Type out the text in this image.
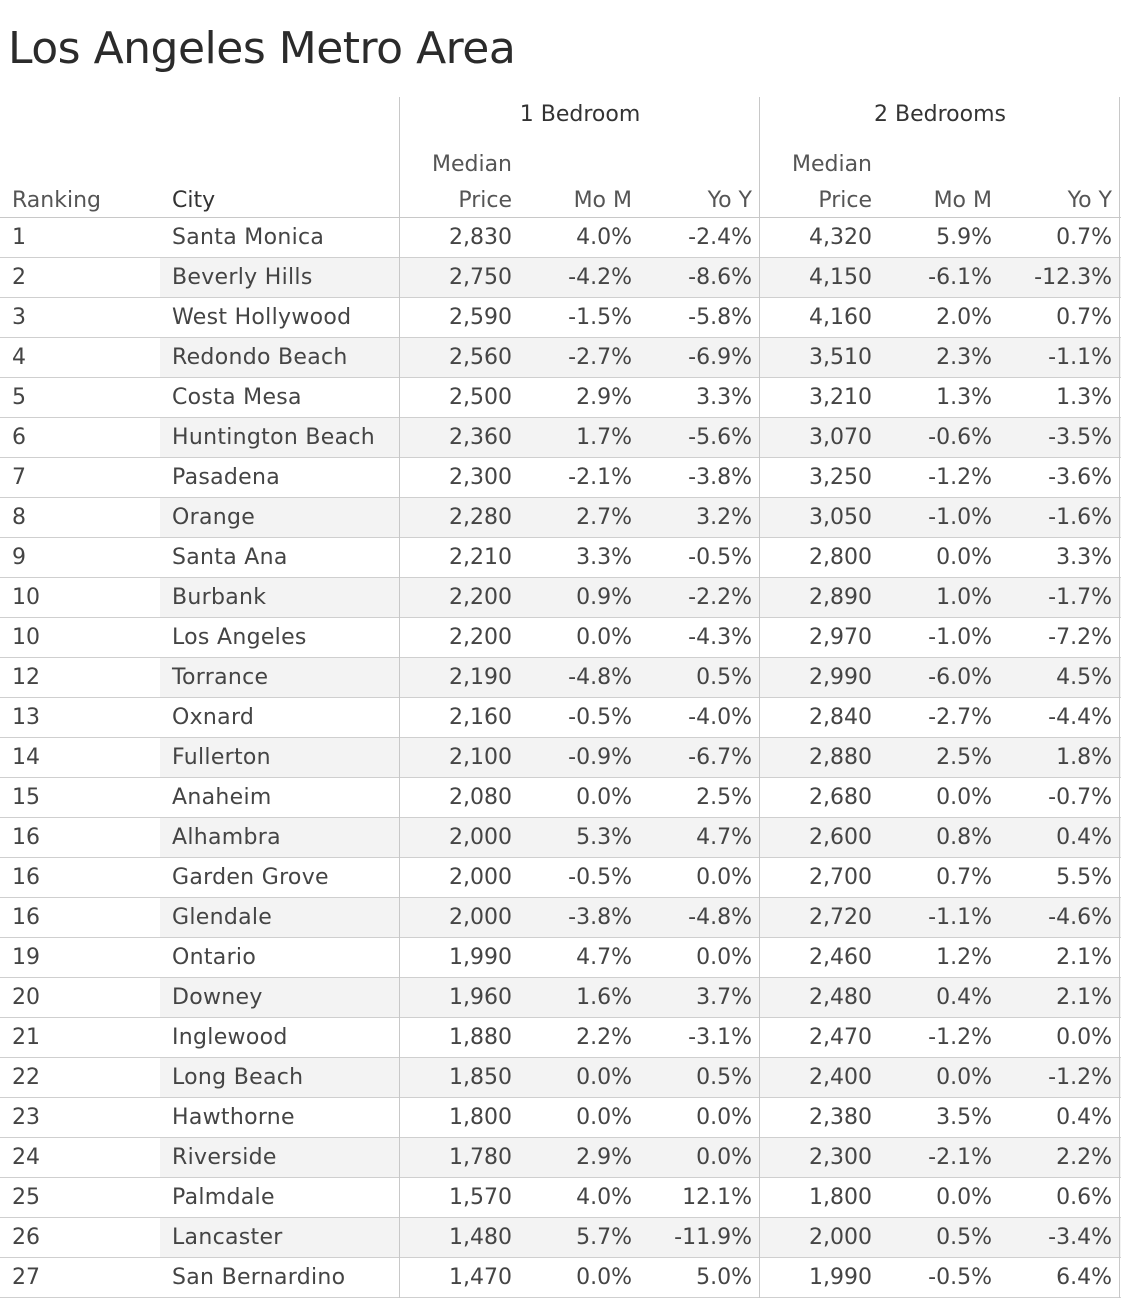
Los Angeles Metro Area
1 Bedroom	2 Bedrooms
Ranking	City
Median
Price	Mo M	Yo Y
Median
Price	Mo M	Yo Y
1	Santa Monica	2,830	4.0%	-2.4%	4,320	5.9%	0.7%
2	Beverly Hills	2,750	-4.2%	-8.6%	4,150	-6.1%	-12.3%
3	West Hollywood	2,590	-1.5%	-5.8%	4,160	2.0%	0.7%
4	Redondo Beach	2,560	-2.7%	-6.9%	3,510	2.3%	-1.1%
5	Costa Mesa	2,500	2.9%	3.3%	3,210	1.3%	1.3%
6	Huntington Beach	2,360	1.7%	-5.6%	3,070	-0.6%	-3.5%
7	Pasadena	2,300	-2.1%	-3.8%	3,250	-1.2%	-3.6%
8	Orange	2,280	2.7%	3.2%	3,050	-1.0%	-1.6%
9	Santa Ana	2,210	3.3%	-0.5%	2,800	0.0%	3.3%
10	Burbank	2,200	0.9%	-2.2%	2,890	1.0%	-1.7%
10	Los Angeles	2,200	0.0%	-4.3%	2,970	-1.0%	-7.2%
12	Torrance	2,190	-4.8%	0.5%	2,990	-6.0%	4.5%
13	Oxnard	2,160	-0.5%	-4.0%	2,840	-2.7%	-4.4%
14	Fullerton	2,100	-0.9%	-6.7%	2,880	2.5%	1.8%
15	Anaheim	2,080	0.0%	2.5%	2,680	0.0%	-0.7%
16	Alhambra	2,000	5.3%	4.7%	2,600	0.8%	0.4%
16	Garden Grove	2,000	-0.5%	0.0%	2,700	0.7%	5.5%
16	Glendale	2,000	-3.8%	-4.8%	2,720	-1.1%	-4.6%
19	Ontario	1,990	4.7%	0.0%	2,460	1.2%	2.1%
20	Downey	1,960	1.6%	3.7%	2,480	0.4%	2.1%
21	Inglewood	1,880	2.2%	-3.1%	2,470	-1.2%	0.0%
22	Long Beach	1,850	0.0%	0.5%	2,400	0.0%	-1.2%
23	Hawthorne	1,800	0.0%	0.0%	2,380	3.5%	0.4%
24	Riverside	1,780	2.9%	0.0%	2,300	-2.1%	2.2%
25	Palmdale	1,570	4.0%	12.1%	1,800	0.0%	0.6%
26	Lancaster	1,480	5.7%	-11.9%	2,000	0.5%	-3.4%
27	San Bernardino	1,470	0.0%	5.0%	1,990	-0.5%	6.4%
